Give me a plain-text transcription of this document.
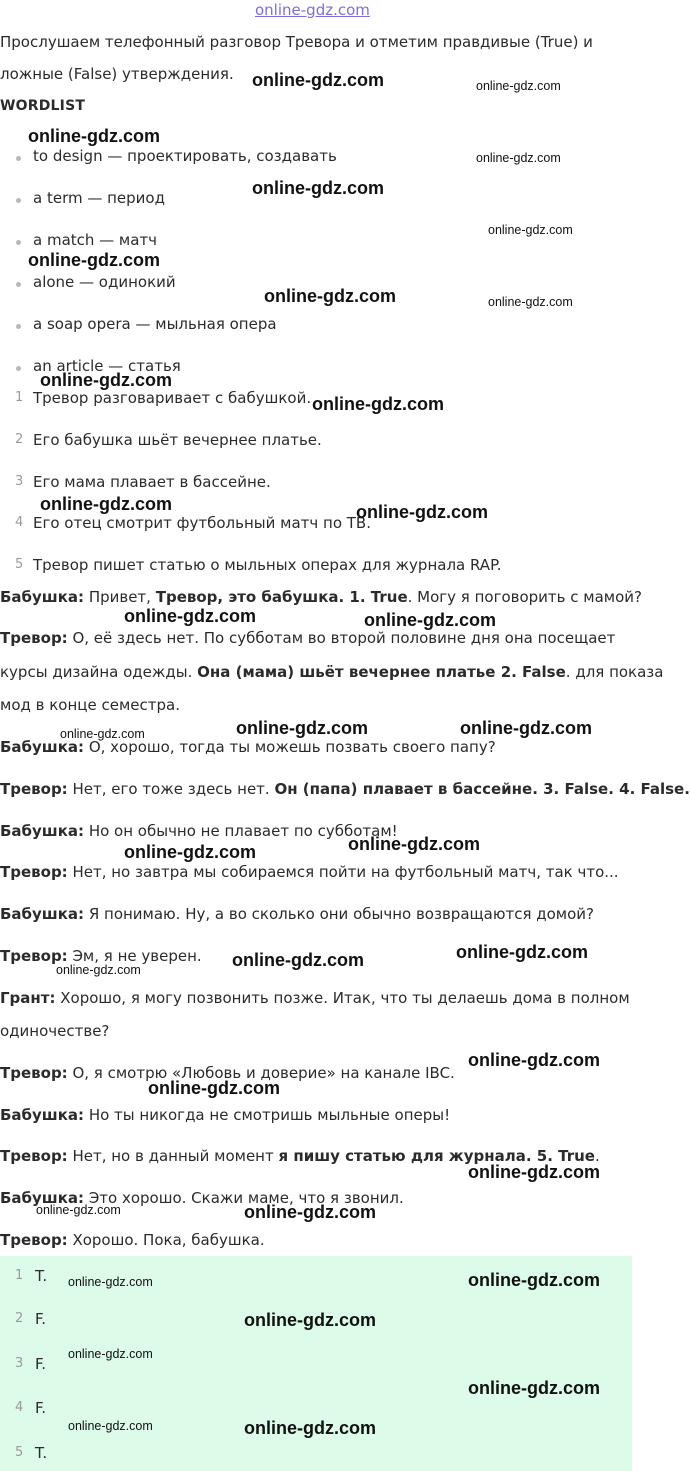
online-gdz.com
Прослушаем телефонный разговор Тревора и отметим правдивые (True) и
ложные (False) утверждения.
WORDLIST
to design — проектировать, создавать
a term — период
a match — матч
alone — одинокий
a soap opera — мыльная опера
an article — статья
1 Тревор разговаривает с бабушкой.
2 Его бабушка шьёт вечернее платье.
3 Его мама плавает в бассейне.
4 Его отец смотрит футбольный матч по ТВ.
5 Тревор пишет статью о мыльных операх для журнала RAP.
Бабушка: Привет, Тревор, это бабушка. 1. True. Могу я поговорить с мамой?
Тревор: О, её здесь нет. По субботам во второй половине дня она посещает
курсы дизайна одежды. Она (мама) шьёт вечернее платье 2. False. для показа
мод в конце семестра.
Бабушка: О, хорошо, тогда ты можешь позвать своего папу?
Тревор: Нет, его тоже здесь нет. Он (папа) плавает в бассейне. 3. False. 4. False.
Бабушка: Но он обычно не плавает по субботам!
Тревор: Нет, но завтра мы собираемся пойти на футбольный матч, так что...
Бабушка: Я понимаю. Ну, а во сколько они обычно возвращаются домой?
Тревор: Эм, я не уверен.
Грант: Хорошо, я могу позвонить позже. Итак, что ты делаешь дома в полном
одиночестве?
Тревор: О, я смотрю «Любовь и доверие» на канале IBC.
Бабушка: Но ты никогда не смотришь мыльные оперы!
Тревор: Нет, но в данный момент я пишу статью для журнала. 5. True.
Бабушка: Это хорошо. Скажи маме, что я звонил.
Тревор: Хорошо. Пока, бабушка.
1 T.
2 F.
3 F.
4 F.
5 T.
online-gdz.com	online-gdz.com
online-gdz.com
online-gdz.com
online-gdz.com
online-gdz.com
online-gdz.com
online-gdz.com	online-gdz.com
online-gdz.com
online-gdz.com
online-gdz.com	online-gdz.com
online-gdz.com	online-gdz.com
online-gdz.com	online-gdz.com	online-gdz.com
online-gdz.com
online-gdz.com
online-gdz.com
online-gdz.com
online-gdz.com
online-gdz.com
online-gdz.com
online-gdz.com
online-gdz.com	online-gdz.com
online-gdz.com	online-gdz.com
online-gdz.com
online-gdz.com
online-gdz.com
online-gdz.com	online-gdz.com
